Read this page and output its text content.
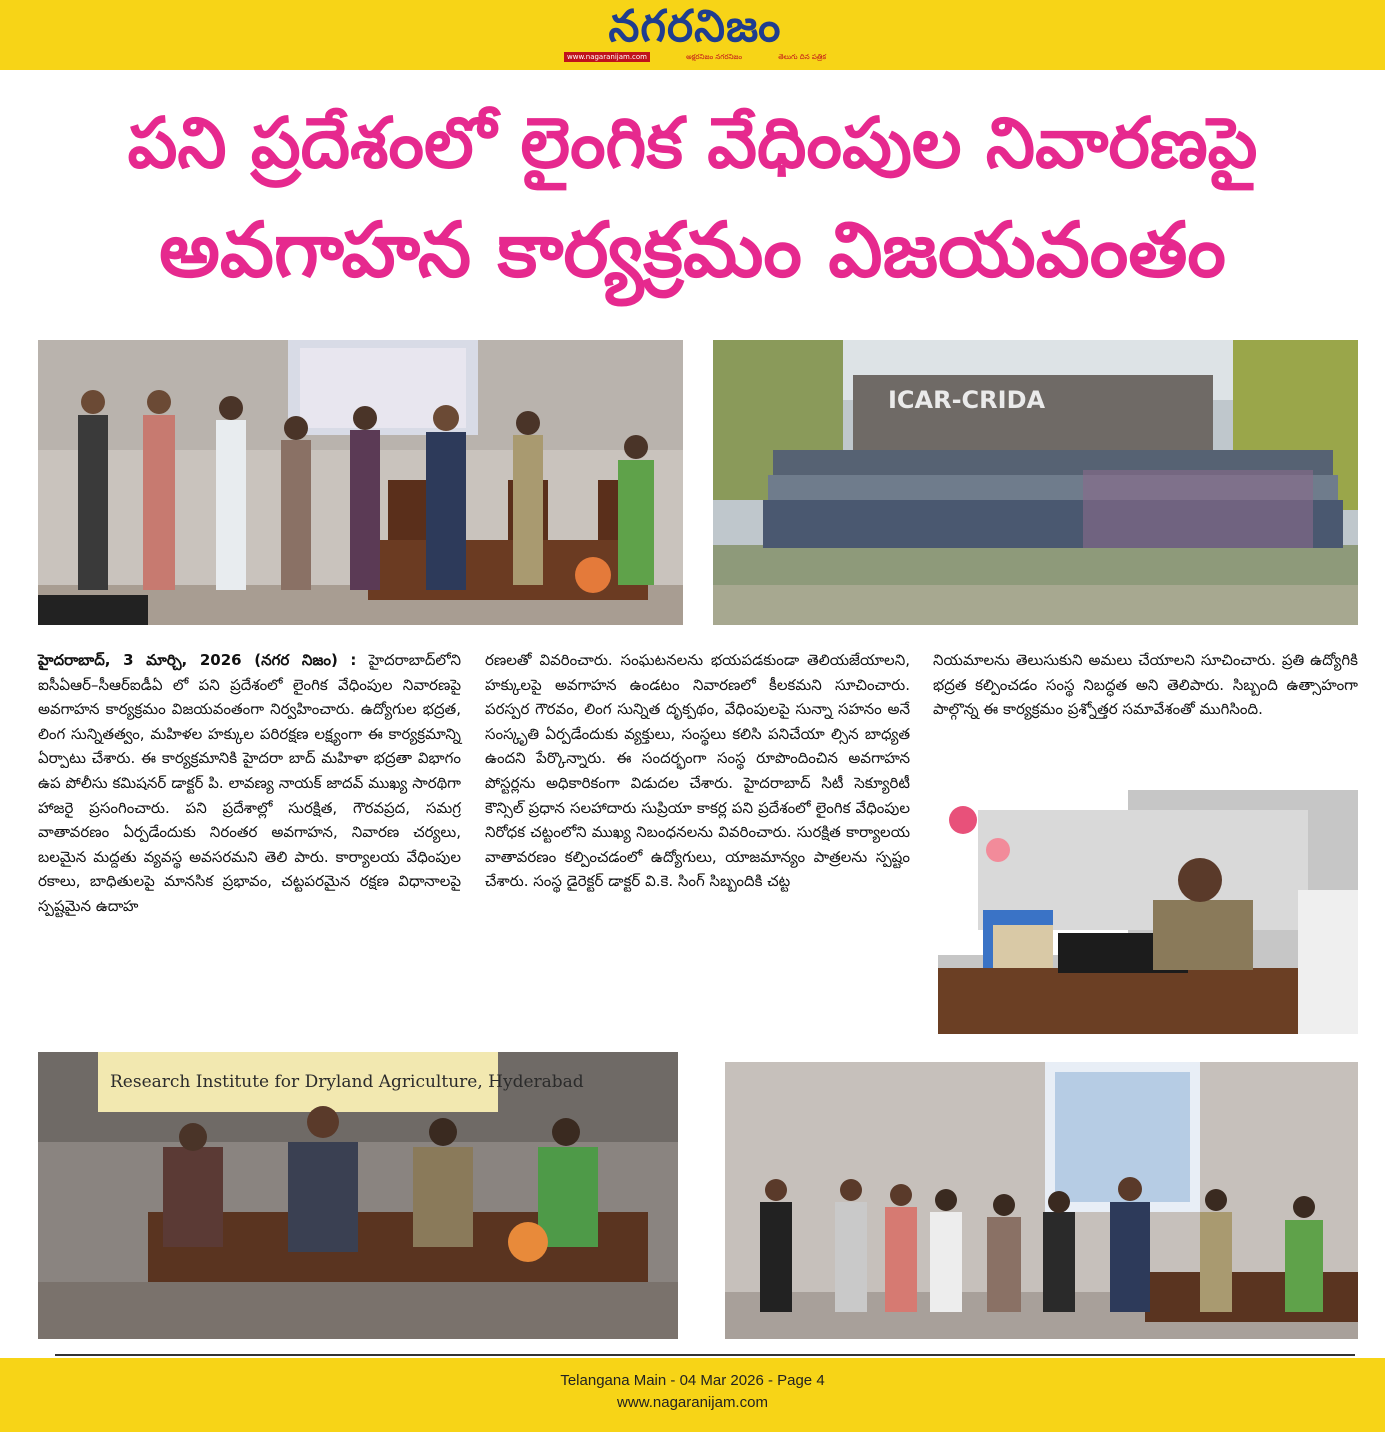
నగరనిజం
www.nagaranijam.com	అక్షరనిజం నగరనిజం	తెలుగు దిన పత్రిక
పని ప్రదేశంలో లైంగిక వేధింపుల నివారణపై
అవగాహన కార్యక్రమం విజయవంతం
ICAR-CRIDA
హైదరాబాద్, 3 మార్చి, 2026 (నగర నిజం) : హైదరాబాద్‌లోని ఐసీఏఆర్–సీఆర్ఐడీఏ లో పని ప్రదేశంలో లైంగిక వేధింపుల నివారణపై అవగాహన కార్యక్రమం విజయవంతంగా నిర్వహించారు. ఉద్యోగుల భద్రత, లింగ సున్నితత్వం, మహిళల హక్కుల పరిరక్షణ లక్ష్యంగా ఈ కార్యక్రమాన్ని ఏర్పాటు చేశారు. ఈ కార్యక్రమానికి హైదరా బాద్ మహిళా భద్రతా విభాగం ఉప పోలీసు కమిషనర్ డాక్టర్ పి. లావణ్య నాయక్ జాదవ్ ముఖ్య సారథిగా హాజరై ప్రసంగించారు. పని ప్రదేశాల్లో సురక్షిత, గౌరవప్రద, సమగ్ర వాతావరణం ఏర్పడేందుకు నిరంతర అవగాహన, నివారణ చర్యలు, బలమైన మద్దతు వ్యవస్థ అవసరమని తెలి పారు. కార్యాలయ వేధింపుల రకాలు, బాధితులపై మానసిక ప్రభావం, చట్టపరమైన రక్షణ విధానాలపై స్పష్టమైన ఉదాహ
రణలతో వివరించారు. సంఘటనలను భయపడకుండా తెలియజేయాలని, హక్కులపై అవగాహన ఉండటం నివారణలో కీలకమని సూచించారు. పరస్పర గౌరవం, లింగ సున్నిత దృక్పథం, వేధింపులపై సున్నా సహనం అనే సంస్కృతి ఏర్పడేందుకు వ్యక్తులు, సంస్థలు కలిసి పనిచేయా ల్సిన బాధ్యత ఉందని పేర్కొన్నారు. ఈ సందర్భంగా సంస్థ రూపొందించిన అవగాహన పోస్టర్లను అధికారికంగా విడుదల చేశారు. హైదరాబాద్ సిటీ సెక్యూరిటీ కౌన్సిల్ ప్రధాన సలహాదారు సుప్రియా కాకర్ల పని ప్రదేశంలో లైంగిక వేధింపుల నిరోధక చట్టంలోని ముఖ్య నిబంధనలను వివరించారు. సురక్షిత కార్యాలయ వాతావరణం కల్పించడంలో ఉద్యోగులు, యాజమాన్యం పాత్రలను స్పష్టం చేశారు. సంస్థ డైరెక్టర్ డాక్టర్ వి.కె. సింగ్ సిబ్బందికి చట్ట
నియమాలను తెలుసుకుని అమలు చేయాలని సూచించారు. ప్రతి ఉద్యోగికి భద్రత కల్పించడం సంస్థ నిబద్ధత అని తెలిపారు. సిబ్బంది ఉత్సాహంగా పాల్గొన్న ఈ కార్యక్రమం ప్రశ్నోత్తర సమావేశంతో ముగిసింది.
Research Institute for Dryland Agriculture, Hyderabad
Telangana Main - 04 Mar 2026 - Page 4
www.nagaranijam.com
